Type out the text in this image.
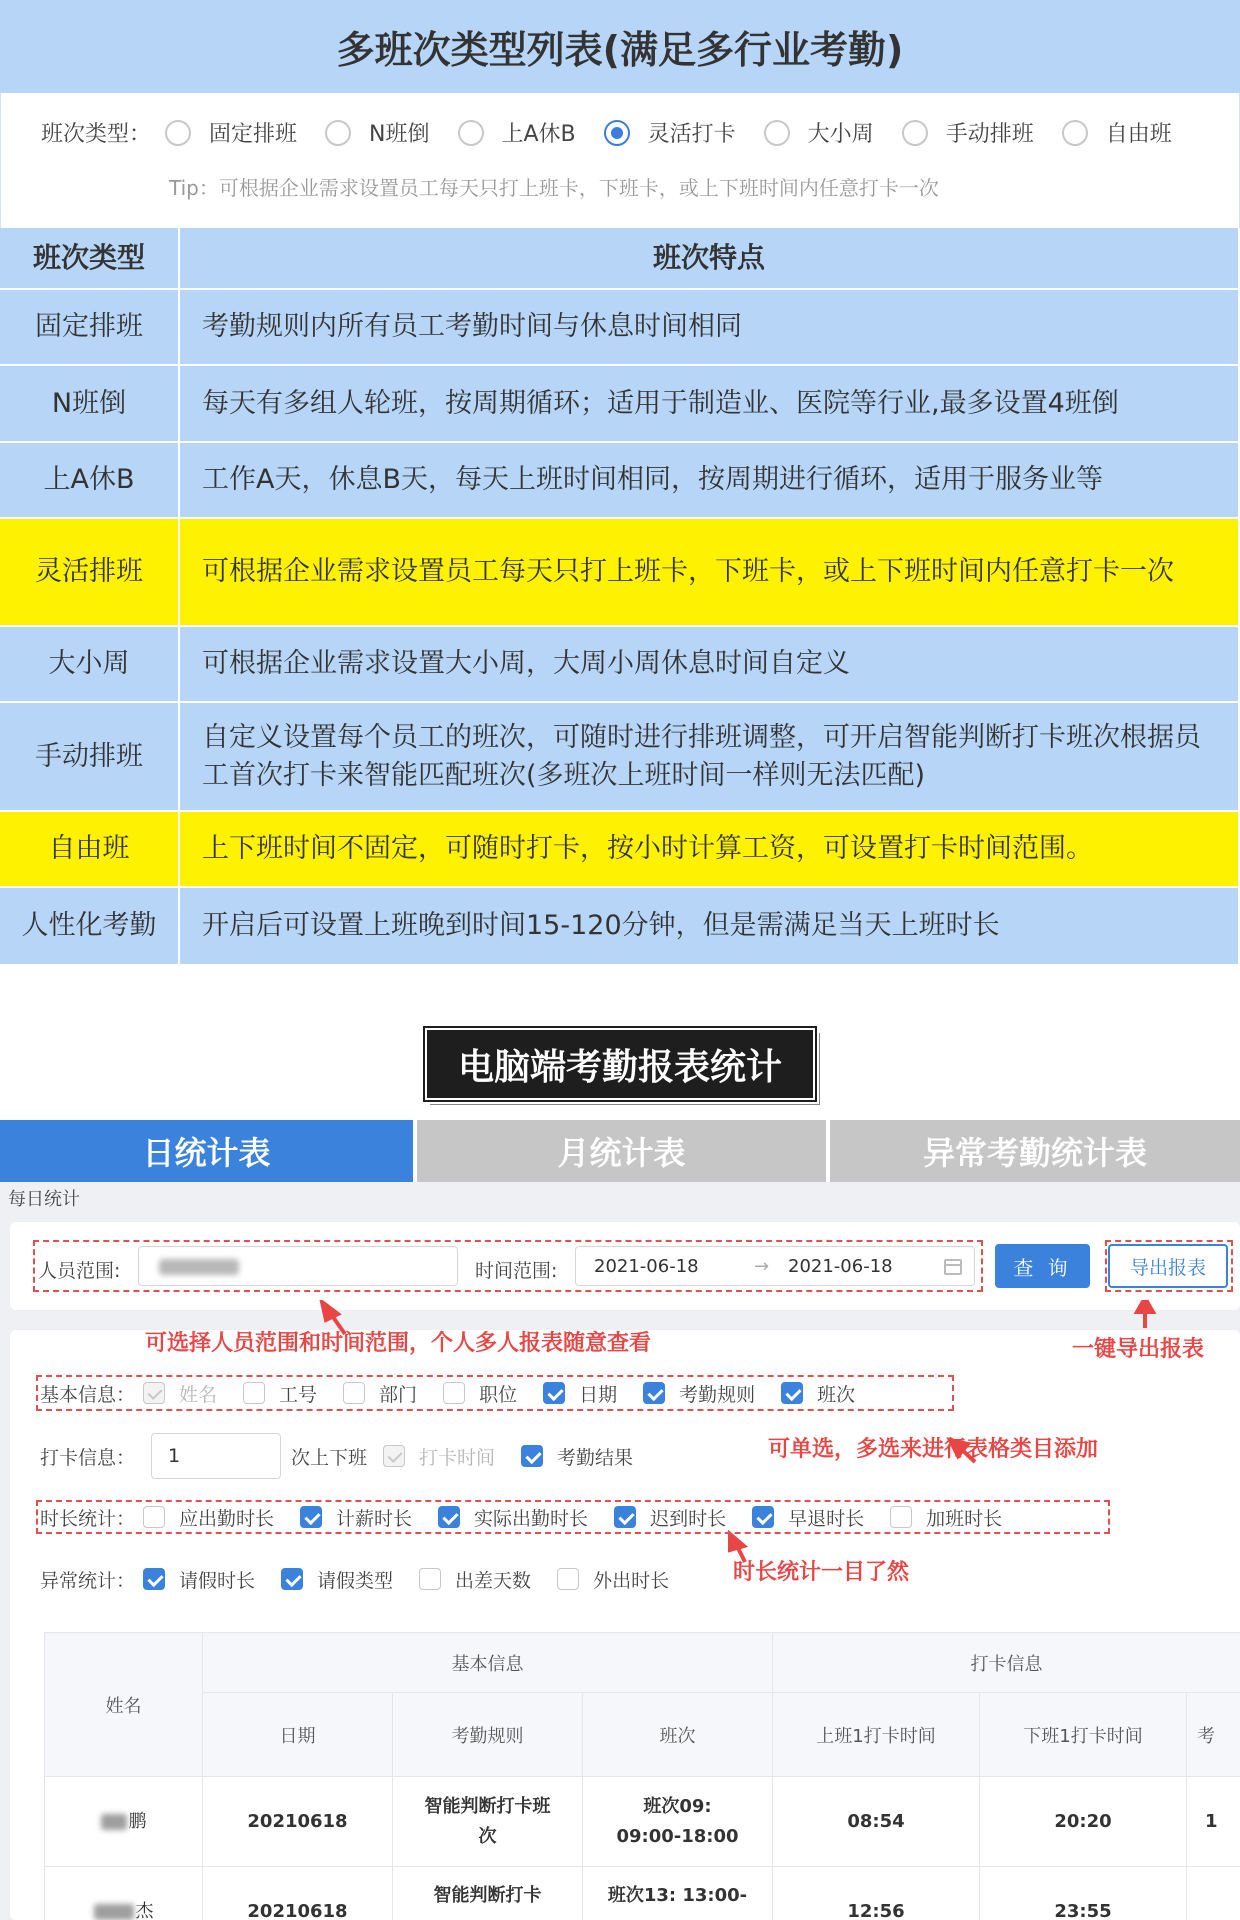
多班次类型列表(满足多行业考勤)
班次类型：	固定排班	N班倒	上A休B	灵活打卡	大小周	手动排班	自由班
Tip：可根据企业需求设置员工每天只打上班卡，下班卡，或上下班时间内任意打卡一次
班次类型	班次特点
固定排班	考勤规则内所有员工考勤时间与休息时间相同
N班倒	每天有多组人轮班，按周期循环；适用于制造业、医院等行业,最多设置4班倒
上A休B	工作A天，休息B天，每天上班时间相同，按周期进行循环，适用于服务业等
灵活排班	可根据企业需求设置员工每天只打上班卡，下班卡，或上下班时间内任意打卡一次
大小周	可根据企业需求设置大小周，大周小周休息时间自定义
手动排班	自定义设置每个员工的班次，可随时进行排班调整，可开启智能判断打卡班次根据员工首次打卡来智能匹配班次(多班次上班时间一样则无法匹配)
自由班	上下班时间不固定，可随时打卡，按小时计算工资，可设置打卡时间范围。
人性化考勤	开启后可设置上班晚到时间15-120分钟，但是需满足当天上班时长
电脑端考勤报表统计
日统计表	月统计表	异常考勤统计表
每日统计
人员范围:	时间范围: 2021-06-18	→ 2021-06-18	查 询	导出报表
可选择人员范围和时间范围，个人多人报表随意查看	一键导出报表
基本信息： 姓名	工号	部门	职位	日期	考勤规则	班次
打卡信息：	1	次上下班	打卡时间	考勤结果	可单选，多选来进行表格类目添加
时长统计： 应出勤时长	计薪时长	实际出勤时长	迟到时长	早退时长	加班时长
异常统计： 请假时长	请假类型	出差天数	外出时长	时长统计一目了然
姓名	基本信息			打卡信息		
	日期	考勤规则	班次	上班1打卡时间	下班1打卡时间	考
鹏	20210618	智能判断打卡班次	班次09: 09:00-18:00	08:54	20:20	1
杰	20210618	智能判断打卡	班次13: 13:00-	12:56	23:55	
